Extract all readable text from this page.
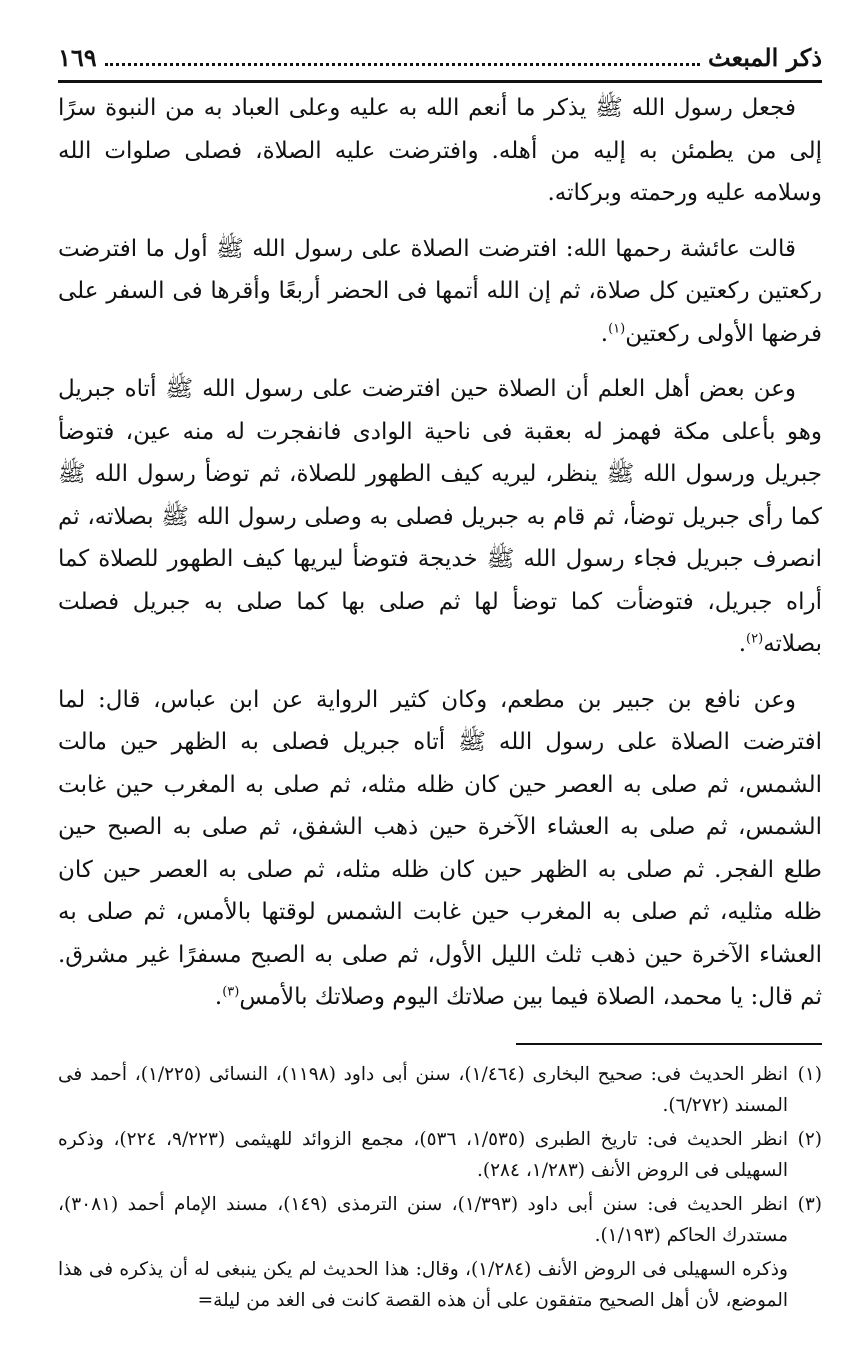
ذكر المبعث
١٦٩

فجعل رسول الله ﷺ يذكر ما أنعم الله به عليه وعلى العباد به من النبوة سرًا إلى من يطمئن به إليه من أهله. وافترضت عليه الصلاة، فصلى صلوات الله وسلامه عليه ورحمته وبركاته.

قالت عائشة رحمها الله: افترضت الصلاة على رسول الله ﷺ أول ما افترضت ركعتين ركعتين كل صلاة، ثم إن الله أتمها فى الحضر أربعًا وأقرها فى السفر على فرضها الأولى ركعتين$^{(١)}$.

وعن بعض أهل العلم أن الصلاة حين افترضت على رسول الله ﷺ أتاه جبريل وهو بأعلى مكة فهمز له بعقبة فى ناحية الوادى فانفجرت له منه عين، فتوضأ جبريل ورسول الله ﷺ ينظر، ليريه كيف الطهور للصلاة، ثم توضأ رسول الله ﷺ كما رأى جبريل توضأ، ثم قام به جبريل فصلى به وصلى رسول الله ﷺ بصلاته، ثم انصرف جبريل فجاء رسول الله ﷺ خديجة فتوضأ ليريها كيف الطهور للصلاة كما أراه جبريل، فتوضأت كما توضأ لها ثم صلى بها كما صلى به جبريل فصلت بصلاته$^{(٢)}$.

وعن نافع بن جبير بن مطعم، وكان كثير الرواية عن ابن عباس، قال: لما افترضت الصلاة على رسول الله ﷺ أتاه جبريل فصلى به الظهر حين مالت الشمس، ثم صلى به العصر حين كان ظله مثله، ثم صلى به المغرب حين غابت الشمس، ثم صلى به العشاء الآخرة حين ذهب الشفق، ثم صلى به الصبح حين طلع الفجر. ثم صلى به الظهر حين كان ظله مثله، ثم صلى به العصر حين كان ظله مثليه، ثم صلى به المغرب حين غابت الشمس لوقتها بالأمس، ثم صلى به العشاء الآخرة حين ذهب ثلث الليل الأول، ثم صلى به الصبح مسفرًا غير مشرق. ثم قال: يا محمد، الصلاة فيما بين صلاتك اليوم وصلاتك بالأمس$^{(٣)}$.

(١)
انظر الحديث فى: صحيح البخارى (١/٤٦٤)، سنن أبى داود (١١٩٨)، النسائى (١/٢٢٥)، أحمد فى المسند (٦/٢٧٢).

(٢)
انظر الحديث فى: تاريخ الطبرى (١/٥٣٥، ٥٣٦)، مجمع الزوائد للهيثمى (٩/٢٢٣، ٢٢٤)، وذكره السهيلى فى الروض الأنف (١/٢٨٣، ٢٨٤).

(٣)
انظر الحديث فى: سنن أبى داود (١/٣٩٣)، سنن الترمذى (١٤٩)، مسند الإمام أحمد (٣٠٨١)، مستدرك الحاكم (١/١٩٣).

وذكره السهيلى فى الروض الأنف (١/٢٨٤)، وقال: هذا الحديث لم يكن ينبغى له أن يذكره فى هذا الموضع، لأن أهل الصحيح متفقون على أن هذه القصة كانت فى الغد من ليلة=
